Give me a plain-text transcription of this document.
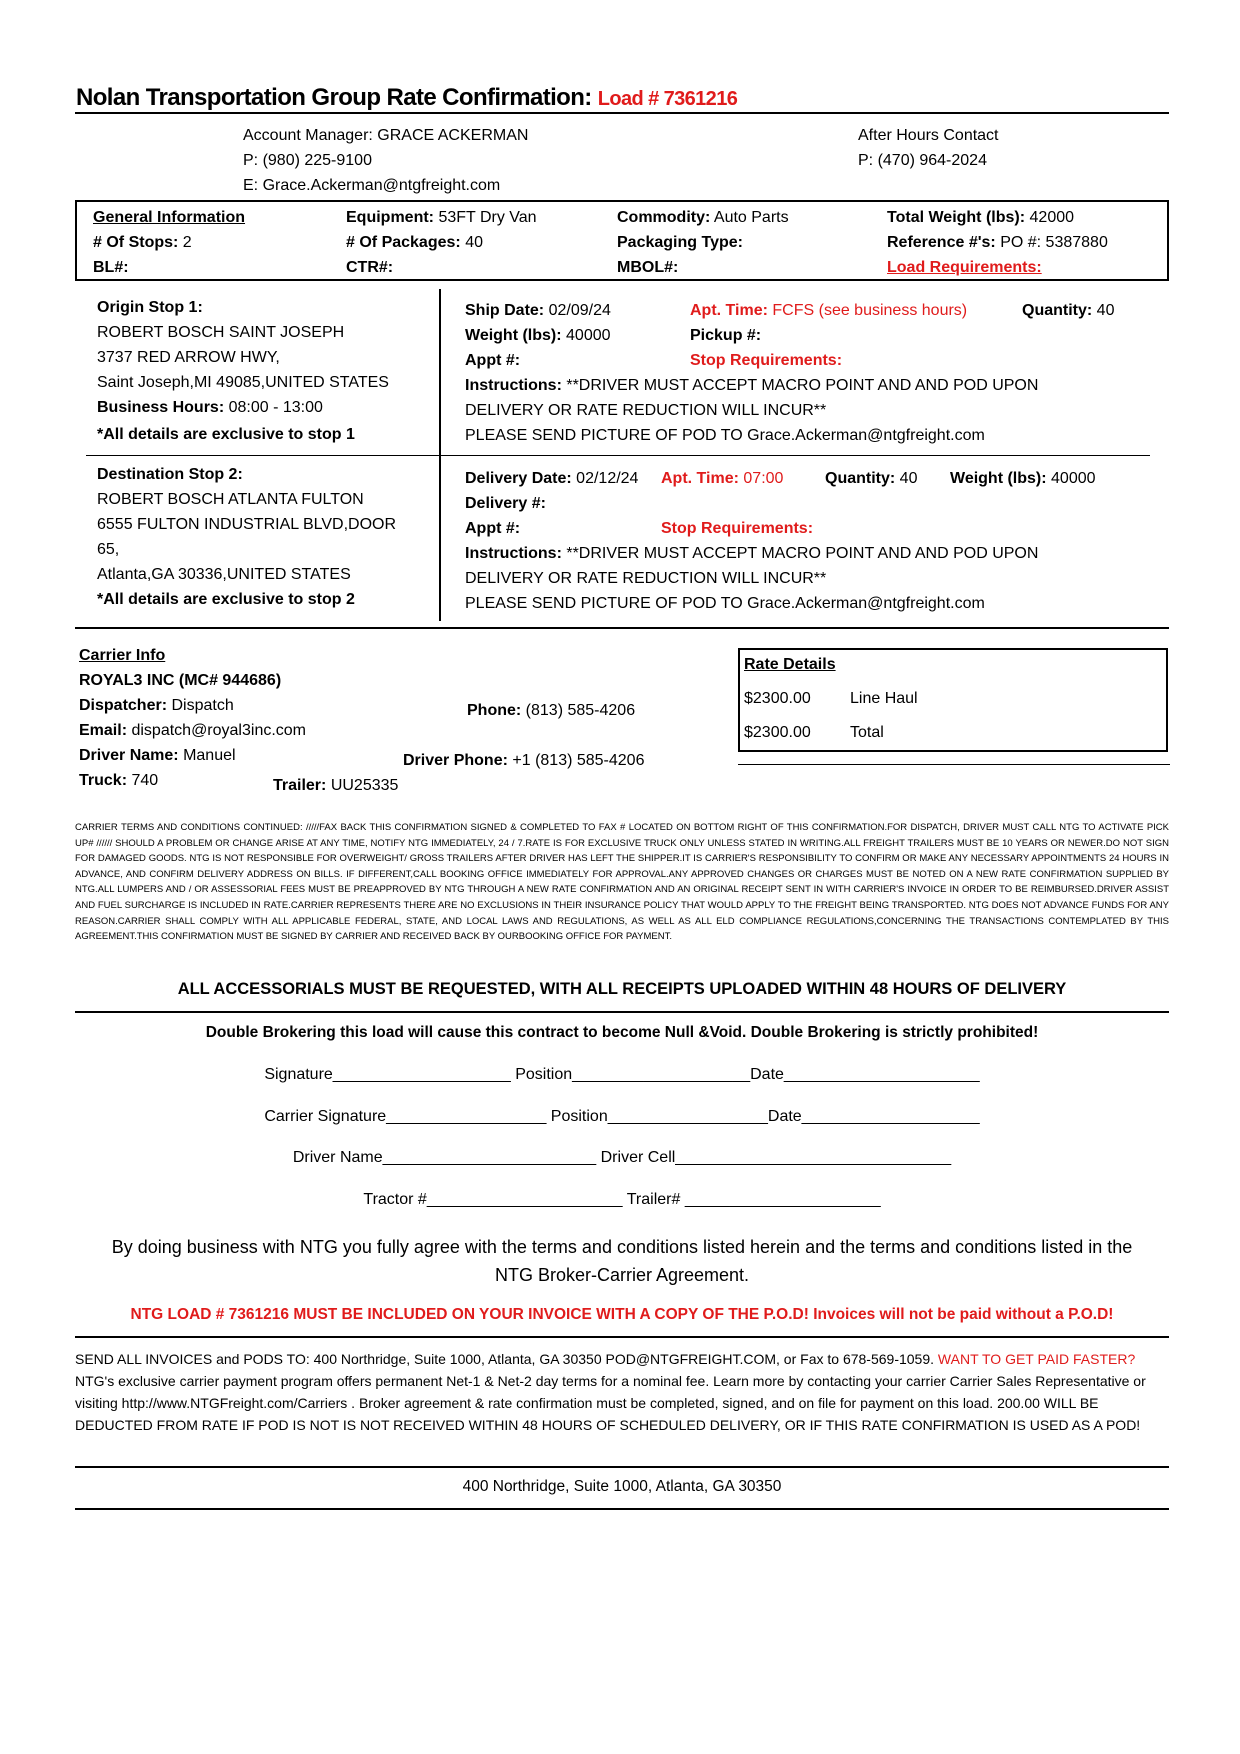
Nolan Transportation Group Rate Confirmation: Load # 7361216
Account Manager: GRACE ACKERMAN
P: (980) 225-9100
E: Grace.Ackerman@ntgfreight.com
After Hours Contact
P: (470) 964-2024
General Information
# Of Stops: 2
BL#:
Equipment: 53FT Dry Van
# Of Packages: 40
CTR#:
Commodity: Auto Parts
Packaging Type:
MBOL#:
Total Weight (lbs): 42000
Reference #'s: PO #: 5387880
Load Requirements:
Origin Stop 1:
ROBERT BOSCH SAINT JOSEPH
3737 RED ARROW HWY,
Saint Joseph,MI 49085,UNITED STATES
Business Hours: 08:00 - 13:00
*All details are exclusive to stop 1
Ship Date: 02/09/24
Weight (lbs): 40000
Appt #:
Instructions: **DRIVER MUST ACCEPT MACRO POINT AND AND POD UPON
DELIVERY OR RATE REDUCTION WILL INCUR**
PLEASE SEND PICTURE OF POD TO Grace.Ackerman@ntgfreight.com
Apt. Time: FCFS (see business hours)
Pickup #:
Stop Requirements:
Quantity: 40
Destination Stop 2:
ROBERT BOSCH ATLANTA FULTON
6555 FULTON INDUSTRIAL BLVD,DOOR
65,
Atlanta,GA 30336,UNITED STATES
*All details are exclusive to stop 2
Delivery Date: 02/12/24
Delivery #:
Appt #:
Instructions: **DRIVER MUST ACCEPT MACRO POINT AND AND POD UPON
DELIVERY OR RATE REDUCTION WILL INCUR**
PLEASE SEND PICTURE OF POD TO Grace.Ackerman@ntgfreight.com
Apt. Time: 07:00
Stop Requirements:
Quantity: 40 Weight (lbs): 40000
Carrier Info
ROYAL3 INC (MC# 944686)
Dispatcher: Dispatch
Email: dispatch@royal3inc.com
Driver Name: Manuel
Truck: 740
Phone: (813) 585-4206
Driver Phone: +1 (813) 585-4206
Trailer: UU25335
Rate Details
$2300.00 Line Haul
$2300.00 Total
CARRIER TERMS AND CONDITIONS CONTINUED: /////FAX BACK THIS CONFIRMATION SIGNED & COMPLETED TO FAX # LOCATED ON BOTTOM RIGHT OF THIS CONFIRMATION.FOR DISPATCH, DRIVER MUST CALL NTG TO ACTIVATE PICK UP# ////// SHOULD A PROBLEM OR CHANGE ARISE AT ANY TIME, NOTIFY NTG IMMEDIATELY, 24 / 7.RATE IS FOR EXCLUSIVE TRUCK ONLY UNLESS STATED IN WRITING.ALL FREIGHT TRAILERS MUST BE 10 YEARS OR NEWER.DO NOT SIGN FOR DAMAGED GOODS. NTG IS NOT RESPONSIBLE FOR OVERWEIGHT/ GROSS TRAILERS AFTER DRIVER HAS LEFT THE SHIPPER.IT IS CARRIER'S RESPONSIBILITY TO CONFIRM OR MAKE ANY NECESSARY APPOINTMENTS 24 HOURS IN ADVANCE, AND CONFIRM DELIVERY ADDRESS ON BILLS. IF DIFFERENT,CALL BOOKING OFFICE IMMEDIATELY FOR APPROVAL.ANY APPROVED CHANGES OR CHARGES MUST BE NOTED ON A NEW RATE CONFIRMATION SUPPLIED BY NTG.ALL LUMPERS AND / OR ASSESSORIAL FEES MUST BE PREAPPROVED BY NTG THROUGH A NEW RATE CONFIRMATION AND AN ORIGINAL RECEIPT SENT IN WITH CARRIER'S INVOICE IN ORDER TO BE REIMBURSED.DRIVER ASSIST AND FUEL SURCHARGE IS INCLUDED IN RATE.CARRIER REPRESENTS THERE ARE NO EXCLUSIONS IN THEIR INSURANCE POLICY THAT WOULD APPLY TO THE FREIGHT BEING TRANSPORTED. NTG DOES NOT ADVANCE FUNDS FOR ANY REASON.CARRIER SHALL COMPLY WITH ALL APPLICABLE FEDERAL, STATE, AND LOCAL LAWS AND REGULATIONS, AS WELL AS ALL ELD COMPLIANCE REGULATIONS,CONCERNING THE TRANSACTIONS CONTEMPLATED BY THIS AGREEMENT.THIS CONFIRMATION MUST BE SIGNED BY CARRIER AND RECEIVED BACK BY OURBOOKING OFFICE FOR PAYMENT.
ALL ACCESSORIALS MUST BE REQUESTED, WITH ALL RECEIPTS UPLOADED WITHIN 48 HOURS OF DELIVERY
Double Brokering this load will cause this contract to become Null &Void. Double Brokering is strictly prohibited!
Signature____________________ Position____________________Date______________________
Carrier Signature__________________ Position__________________Date____________________
Driver Name________________________ Driver Cell_______________________________
Tractor #______________________ Trailer# ______________________
By doing business with NTG you fully agree with the terms and conditions listed herein and the terms and conditions listed in the
NTG Broker-Carrier Agreement.
NTG LOAD # 7361216 MUST BE INCLUDED ON YOUR INVOICE WITH A COPY OF THE P.O.D! Invoices will not be paid without a P.O.D!
SEND ALL INVOICES and PODS TO: 400 Northridge, Suite 1000, Atlanta, GA 30350 POD@NTGFREIGHT.COM, or Fax to 678-569-1059. WANT TO GET PAID FASTER? NTG's exclusive carrier payment program offers permanent Net-1 & Net-2 day terms for a nominal fee. Learn more by contacting your carrier Carrier Sales Representative or visiting http://www.NTGFreight.com/Carriers . Broker agreement & rate confirmation must be completed, signed, and on file for payment on this load. 200.00 WILL BE DEDUCTED FROM RATE IF POD IS NOT IS NOT RECEIVED WITHIN 48 HOURS OF SCHEDULED DELIVERY, OR IF THIS RATE CONFIRMATION IS USED AS A POD!
400 Northridge, Suite 1000, Atlanta, GA 30350
